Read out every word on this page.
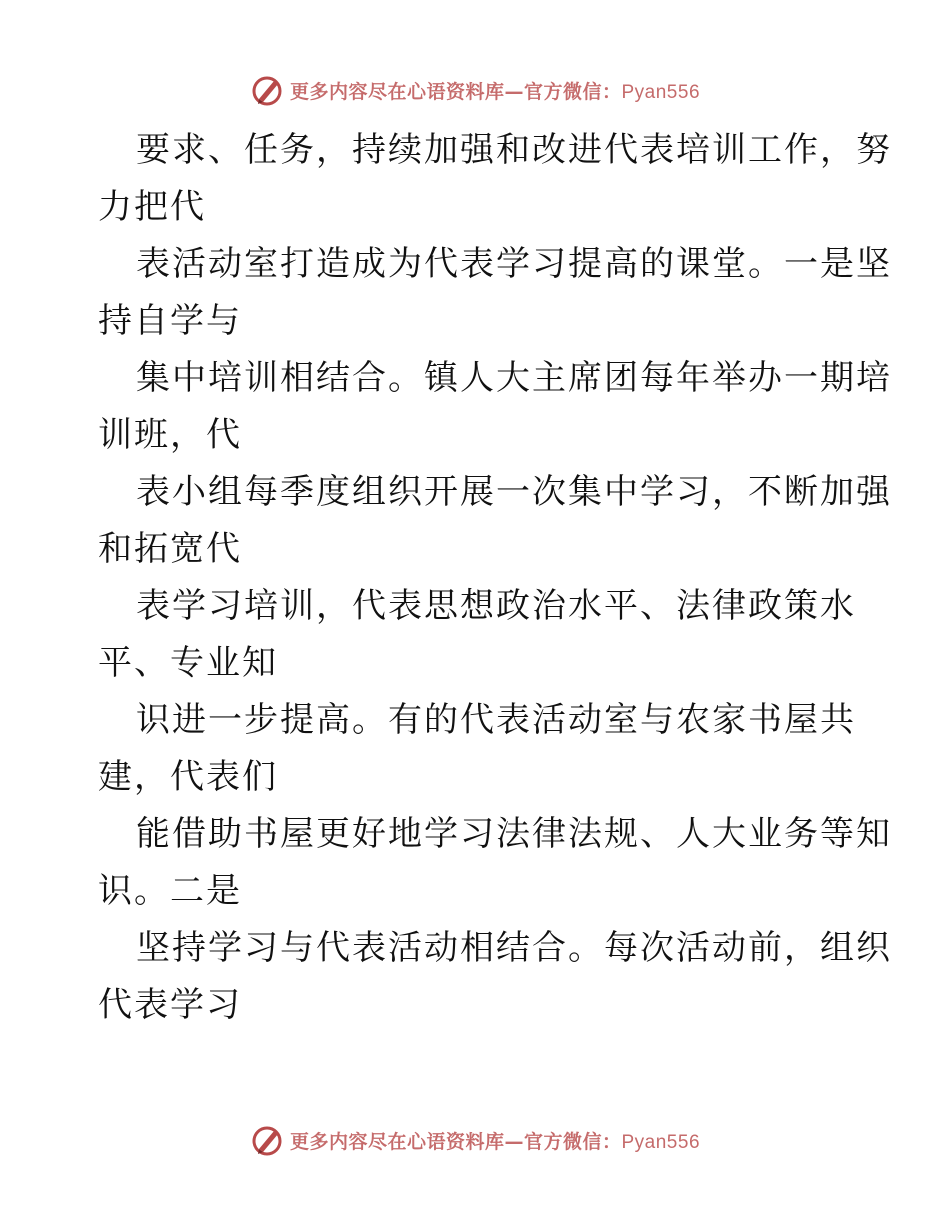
更多内容尽在心语资料库—官方微信：Pyan556
要求、任务，持续加强和改进代表培训工作，努
力把代
表活动室打造成为代表学习提高的课堂。一是坚
持自学与
集中培训相结合。镇人大主席团每年举办一期培
训班，代
表小组每季度组织开展一次集中学习，不断加强
和拓宽代
表学习培训，代表思想政治水平、法律政策水
平、专业知
识进一步提高。有的代表活动室与农家书屋共
建，代表们
能借助书屋更好地学习法律法规、人大业务等知
识。二是
坚持学习与代表活动相结合。每次活动前，组织
代表学习
更多内容尽在心语资料库—官方微信：Pyan556
